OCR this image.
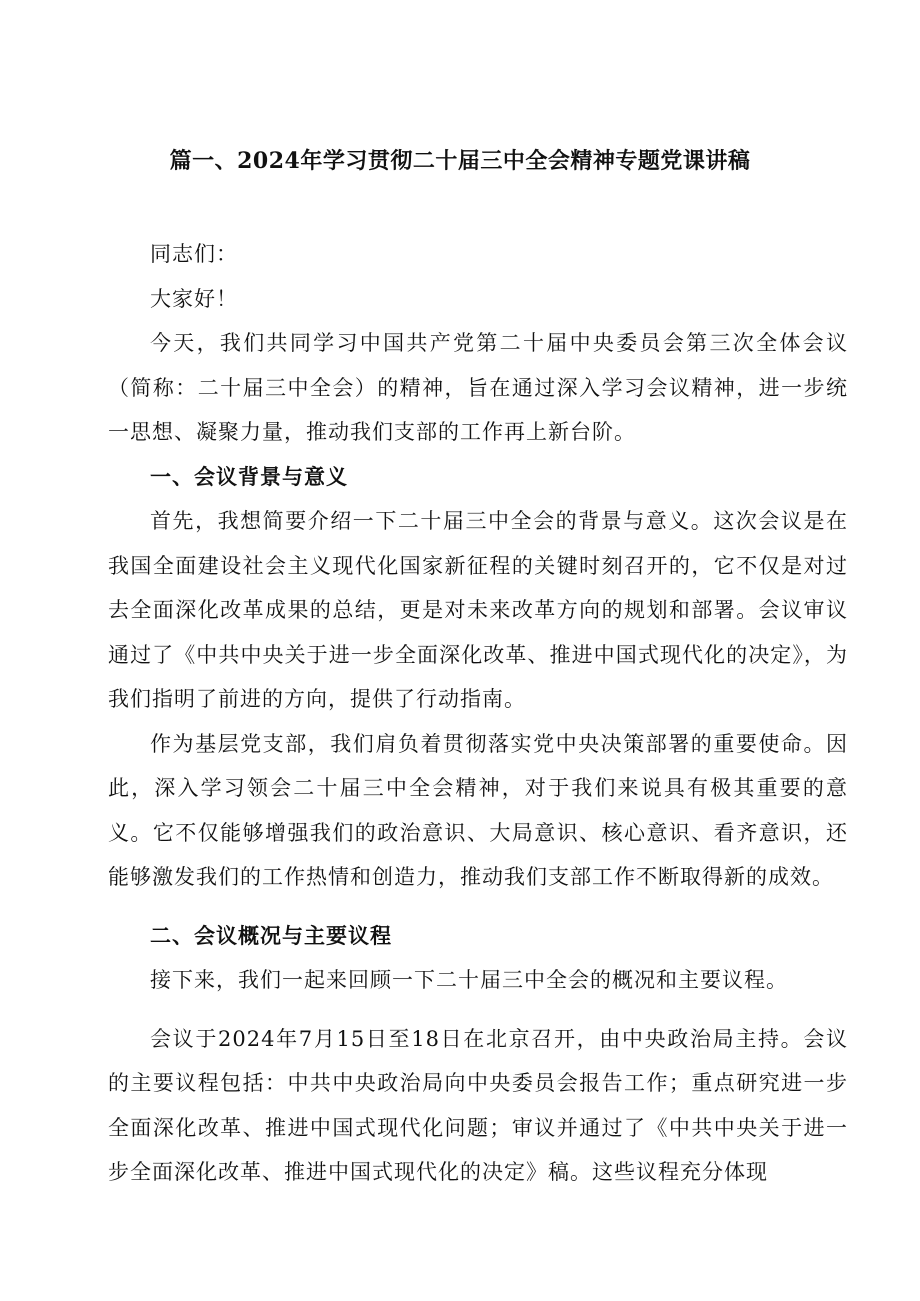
篇一、2024年学习贯彻二十届三中全会精神专题党课讲稿

同志们：

大家好！

今天，我们共同学习中国共产党第二十届中央委员会第三次全体会议（简称：二十届三中全会）的精神，旨在通过深入学习会议精神，进一步统一思想、凝聚力量，推动我们支部的工作再上新台阶。

一、会议背景与意义

首先，我想简要介绍一下二十届三中全会的背景与意义。这次会议是在我国全面建设社会主义现代化国家新征程的关键时刻召开的，它不仅是对过去全面深化改革成果的总结，更是对未来改革方向的规划和部署。会议审议通过了《中共中央关于进一步全面深化改革、推进中国式现代化的决定》，为我们指明了前进的方向，提供了行动指南。

作为基层党支部，我们肩负着贯彻落实党中央决策部署的重要使命。因此，深入学习领会二十届三中全会精神，对于我们来说具有极其重要的意义。它不仅能够增强我们的政治意识、大局意识、核心意识、看齐意识，还能够激发我们的工作热情和创造力，推动我们支部工作不断取得新的成效。

二、会议概况与主要议程

接下来，我们一起来回顾一下二十届三中全会的概况和主要议程。

会议于2024年7月15日至18日在北京召开，由中央政治局主持。会议的主要议程包括：中共中央政治局向中央委员会报告工作；重点研究进一步全面深化改革、推进中国式现代化问题；审议并通过了《中共中央关于进一步全面深化改革、推进中国式现代化的决定》稿。这些议程充分体现
